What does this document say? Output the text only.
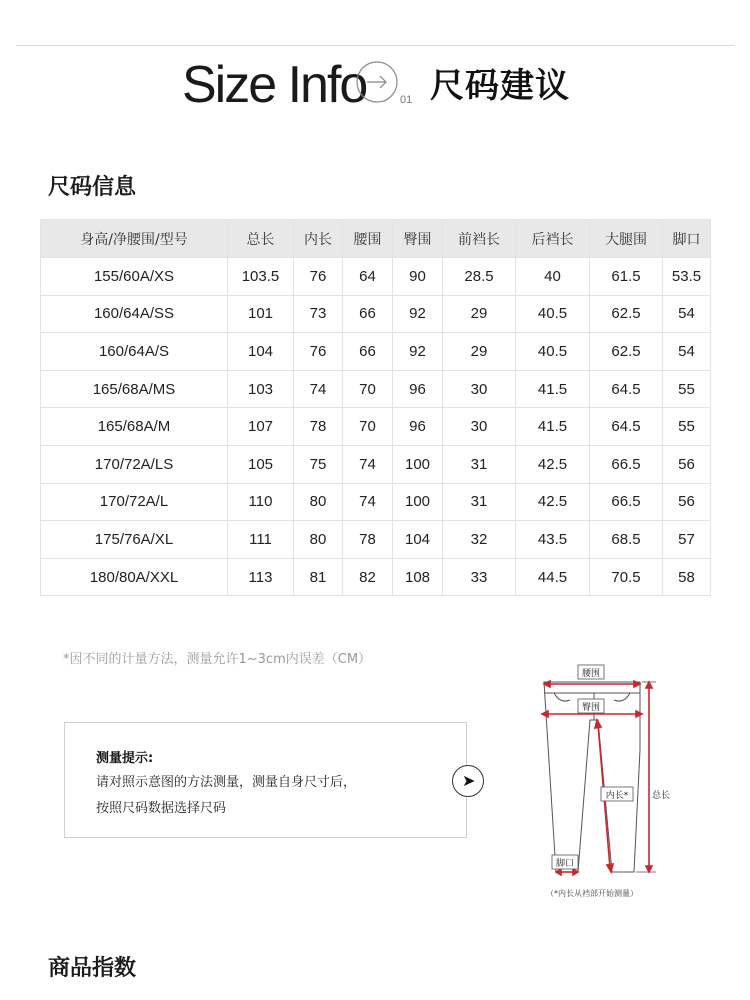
Size Info	01 尺码建议
尺码信息
身高/净腰围/型号	总长	内长	腰围	臀围	前裆长	后裆长	大腿围	脚口
155/60A/XS	103.5	76	64	90	28.5	40	61.5	53.5
160/64A/SS	101	73	66	92	29	40.5	62.5	54
160/64A/S	104	76	66	92	29	40.5	62.5	54
165/68A/MS	103	74	70	96	30	41.5	64.5	55
165/68A/M	107	78	70	96	30	41.5	64.5	55
170/72A/LS	105	75	74	100	31	42.5	66.5	56
170/72A/L	110	80	74	100	31	42.5	66.5	56
175/76A/XL	111	80	78	104	32	43.5	68.5	57
180/80A/XXL	113	81	82	108	33	44.5	70.5	58
*因不同的计量方法，测量允许1~3cm内误差（CM）
测量提示:
请对照示意图的方法测量，测量自身尺寸后，
按照尺码数据选择尺码
➤
腰围
臀围
内长*	总长
脚口
（*内长从裆部开始测量）
商品指数
